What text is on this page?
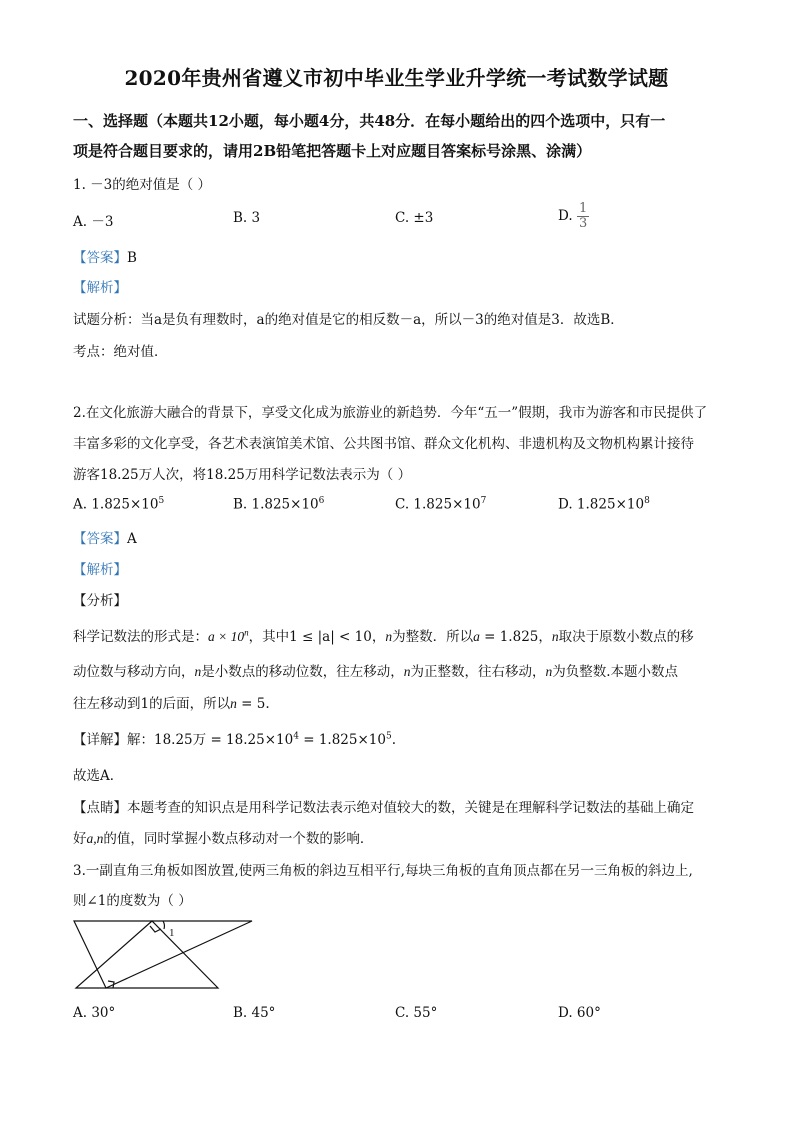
2020年贵州省遵义市初中毕业生学业升学统一考试数学试题
一、选择题（本题共12小题，每小题4分，共48分．在每小题给出的四个选项中，只有一
项是符合题目要求的，请用2B铅笔把答题卡上对应题目答案标号涂黑、涂满）
1. －3的绝对值是（ ）
A. －3	B. 3	C. ±3	D. $\frac{1}{3}$
【答案】B
【解析】
试题分析：当a是负有理数时，a的绝对值是它的相反数－a，所以－3的绝对值是3．故选B．
考点：绝对值．
2.在文化旅游大融合的背景下，享受文化成为旅游业的新趋势．今年“五一”假期，我市为游客和市民提供了
丰富多彩的文化享受，各艺术表演馆美术馆、公共图书馆、群众文化机构、非遗机构及文物机构累计接待
游客18.25万人次，将18.25万用科学记数法表示为（ ）
A. $1.825\times 10^5$	B. $1.825\times 10^6$	C. $1.825\times 10^7$	D. $1.825\times 10^8$
【答案】A
【解析】
【分析】
科学记数法的形式是：$a \times 10^n$，其中1 ≤ |a| < 10，n为整数．所以a = 1.825，n取决于原数小数点的移
动位数与移动方向，n是小数点的移动位数，往左移动，n为正整数，往右移动，n为负整数.本题小数点
往左移动到1的后面，所以n = 5.
【详解】解：18.25万 = $18.25\times 10^4 = 1.825\times 10^5$.
故选A．
【点睛】本题考查的知识点是用科学记数法表示绝对值较大的数，关键是在理解科学记数法的基础上确定
好a,n的值，同时掌握小数点移动对一个数的影响．
3.一副直角三角板如图放置,使两三角板的斜边互相平行,每块三角板的直角顶点都在另一三角板的斜边上,
则∠1的度数为（ ）
1
A. 30°	B. 45°	C. 55°	D. 60°
